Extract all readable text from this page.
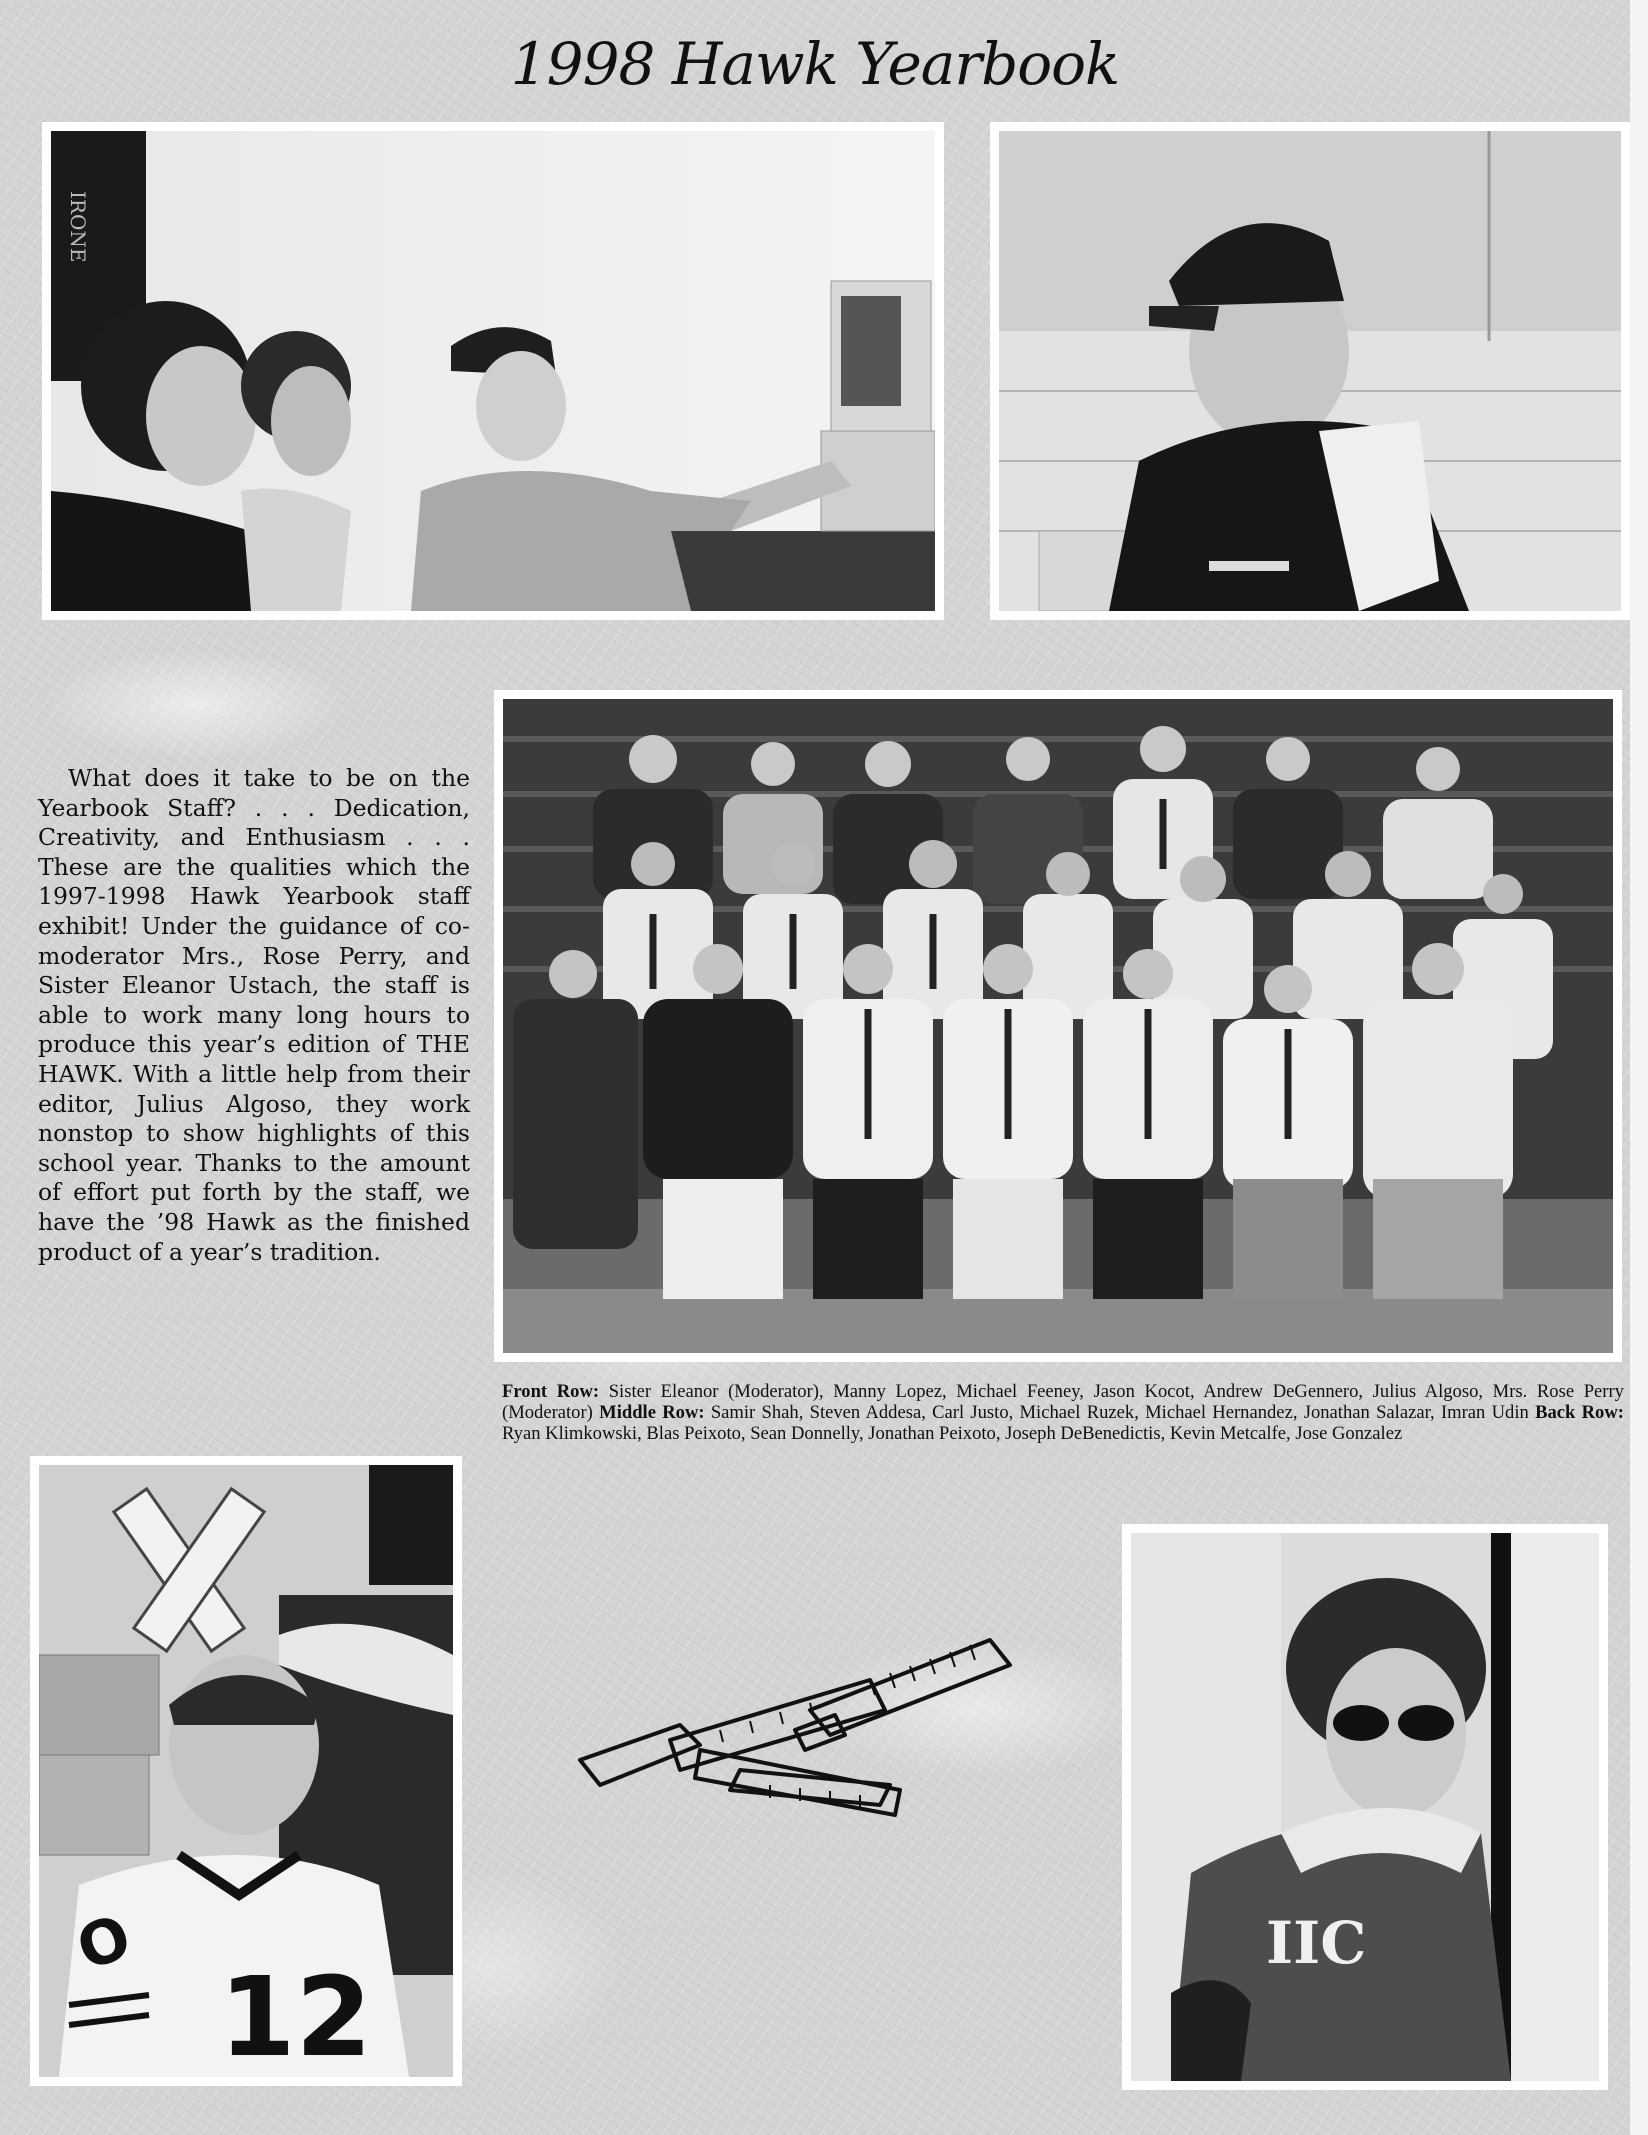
1998 Hawk Yearbook
IRONE
What does it take to be on the Yearbook Staff? . . . Dedication, Creativity, and Enthusiasm . . . These are the qualities which the 1997-1998 Hawk Yearbook staff exhibit! Under the guidance of co-moderator Mrs., Rose Perry, and Sister Eleanor Ustach, the staff is able to work many long hours to produce this year’s edition of THE HAWK. With a little help from their editor, Julius Algoso, they work nonstop to show highlights of this school year. Thanks to the amount of effort put forth by the staff, we have the ’98 Hawk as the finished product of a year’s tradition.
Front Row: Sister Eleanor (Moderator), Manny Lopez, Michael Feeney, Jason Kocot, Andrew DeGennero, Julius Algoso, Mrs. Rose Perry (Moderator) Middle Row: Samir Shah, Steven Addesa, Carl Justo, Michael Ruzek, Michael Hernandez, Jonathan Salazar, Imran Udin Back Row: Ryan Klimkowski, Blas Peixoto, Sean Donnelly, Jonathan Peixoto, Joseph DeBenedictis, Kevin Metcalfe, Jose Gonzalez
O
12
IIC
